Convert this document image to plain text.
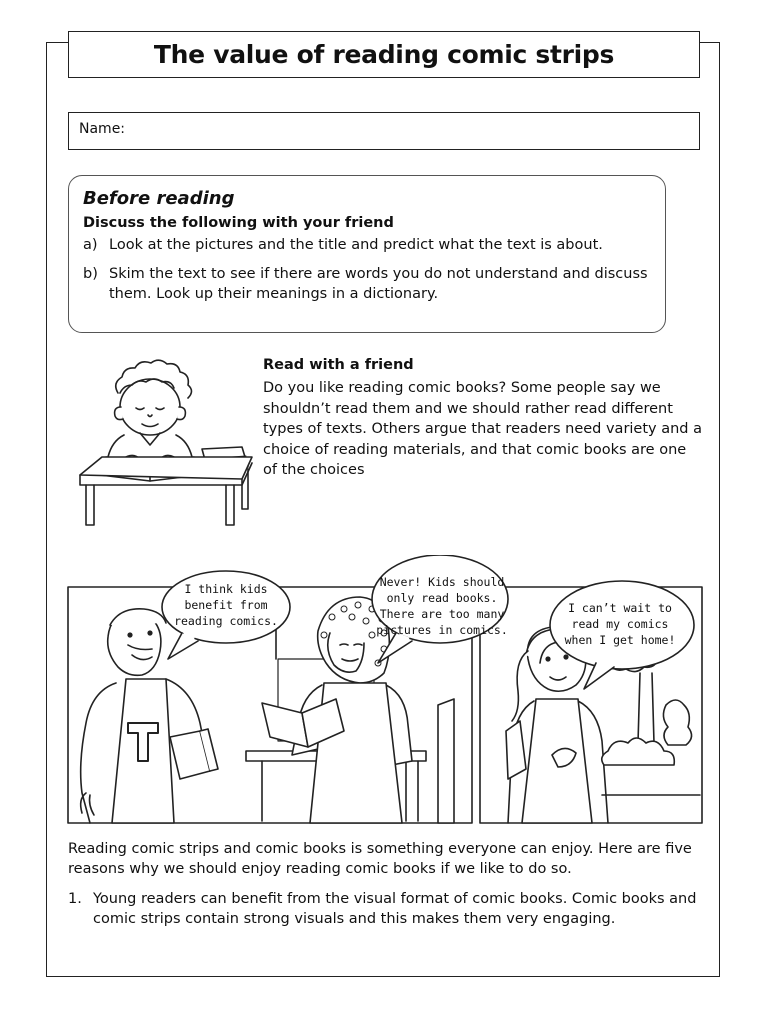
The value of reading comic strips
Name:
Before reading
Discuss the following with your friend
a) Look at the pictures and the title and predict what the text is about.
b) Skim the text to see if there are words you do not understand and discuss them. Look up their meanings in a dictionary.
Read with a friend
Do you like reading comic books? Some people say we shouldn’t read them and we should rather read different types of texts. Others argue that readers need variety and a choice of reading materials, and that comic books are one of the choices
I think kids
benefit from
reading comics.
Never! Kids should
only read books.
There are too many
pictures in comics.
I can’t wait to
read my comics
when I get home!
Reading comic strips and comic books is something everyone can enjoy. Here are five reasons why we should enjoy reading comic books if we like to do so.
1. Young readers can benefit from the visual format of comic books. Comic books and comic strips contain strong visuals and this makes them very engaging.
